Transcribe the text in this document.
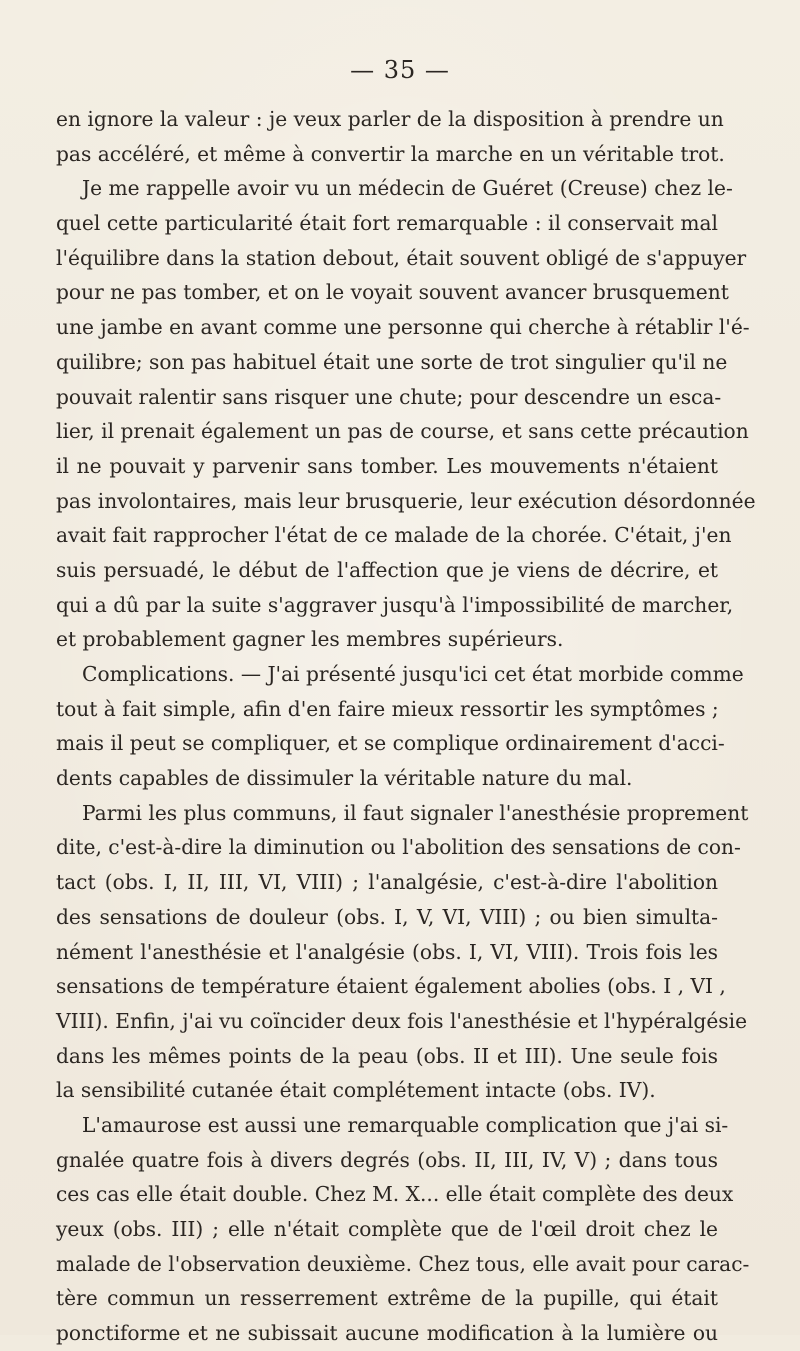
— 35 —
en ignore la valeur : je veux parler de la disposition à prendre un
pas accéléré, et même à convertir la marche en un véritable trot.
Je me rappelle avoir vu un médecin de Guéret (Creuse) chez le-
quel cette particularité était fort remarquable : il conservait mal
l'équilibre dans la station debout, était souvent obligé de s'appuyer
pour ne pas tomber, et on le voyait souvent avancer brusquement
une jambe en avant comme une personne qui cherche à rétablir l'é-
quilibre; son pas habituel était une sorte de trot singulier qu'il ne
pouvait ralentir sans risquer une chute; pour descendre un esca-
lier, il prenait également un pas de course, et sans cette précaution
il ne pouvait y parvenir sans tomber. Les mouvements n'étaient
pas involontaires, mais leur brusquerie, leur exécution désordonnée
avait fait rapprocher l'état de ce malade de la chorée. C'était, j'en
suis persuadé, le début de l'affection que je viens de décrire, et
qui a dû par la suite s'aggraver jusqu'à l'impossibilité de marcher,
et probablement gagner les membres supérieurs.
Complications. — J'ai présenté jusqu'ici cet état morbide comme
tout à fait simple, afin d'en faire mieux ressortir les symptômes ;
mais il peut se compliquer, et se complique ordinairement d'acci-
dents capables de dissimuler la véritable nature du mal.
Parmi les plus communs, il faut signaler l'anesthésie proprement
dite, c'est-à-dire la diminution ou l'abolition des sensations de con-
tact (obs. I, II, III, VI, VIII) ; l'analgésie, c'est-à-dire l'abolition
des sensations de douleur (obs. I, V, VI, VIII) ; ou bien simulta-
nément l'anesthésie et l'analgésie (obs. I, VI, VIII). Trois fois les
sensations de température étaient également abolies (obs. I , VI ,
VIII). Enfin, j'ai vu coïncider deux fois l'anesthésie et l'hypéralgésie
dans les mêmes points de la peau (obs. II et III). Une seule fois
la sensibilité cutanée était complétement intacte (obs. IV).
L'amaurose est aussi une remarquable complication que j'ai si-
gnalée quatre fois à divers degrés (obs. II, III, IV, V) ; dans tous
ces cas elle était double. Chez M. X... elle était complète des deux
yeux (obs. III) ; elle n'était complète que de l'œil droit chez le
malade de l'observation deuxième. Chez tous, elle avait pour carac-
tère commun un resserrement extrême de la pupille, qui était
ponctiforme et ne subissait aucune modification à la lumière ou
